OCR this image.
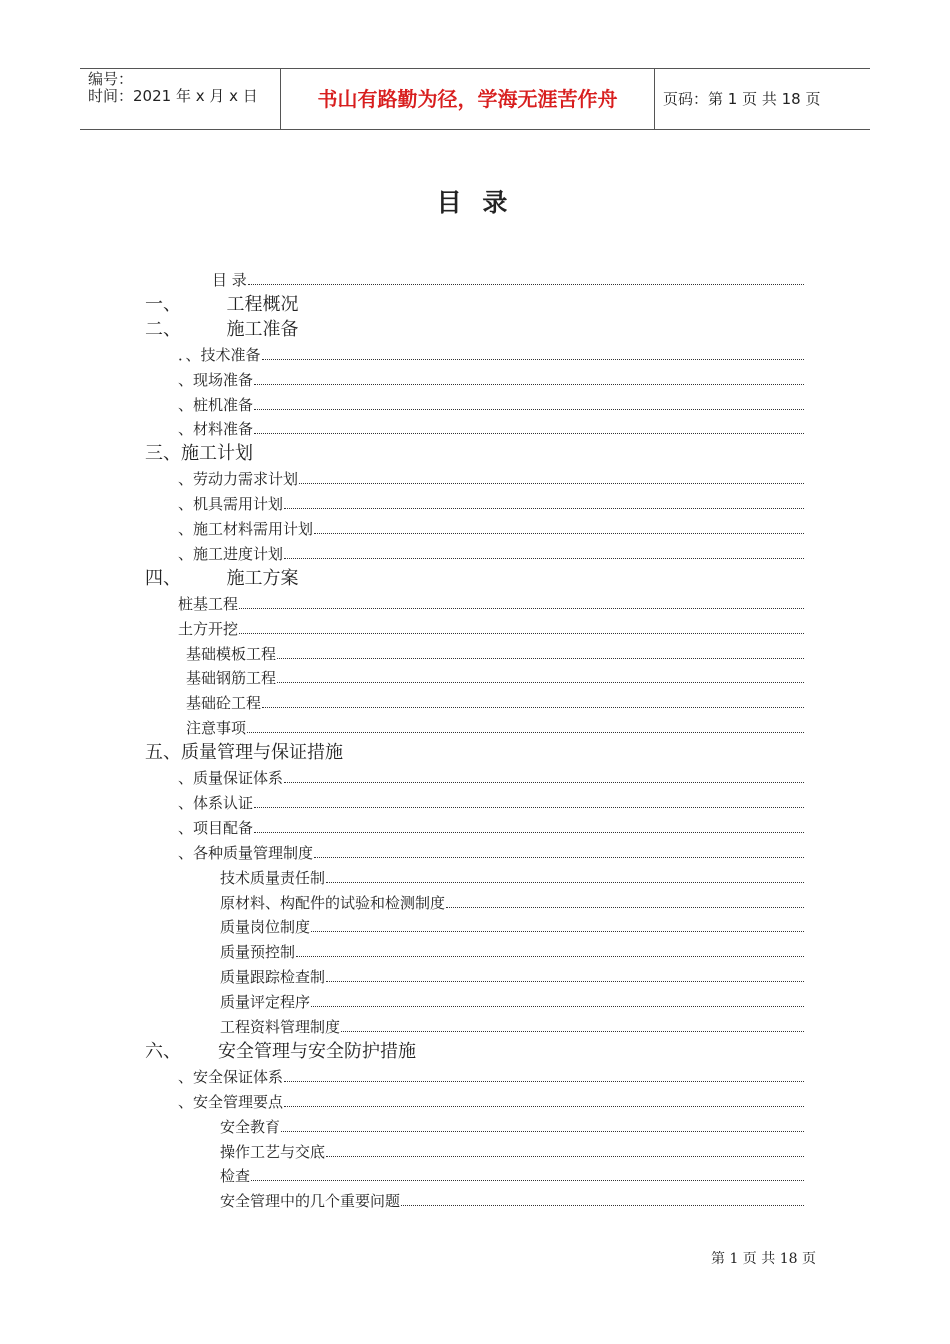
编号：
时间：2021 年 x 月 x 日	书山有路勤为径，学海无涯苦作舟	页码：第 1 页 共 18 页
目 录
目 录
一、	工程概况
二、	施工准备
．、技术准备
、现场准备
、桩机准备
、材料准备
三、 施工计划
、劳动力需求计划
、机具需用计划
、施工材料需用计划
、施工进度计划
四、	施工方案
桩基工程
土方开挖
基础模板工程
基础钢筋工程
基础砼工程
注意事项
五、 质量管理与保证措施
、质量保证体系
、体系认证
、项目配备
、各种质量管理制度
技术质量责任制
原材料、构配件的试验和检测制度
质量岗位制度
质量预控制
质量跟踪检查制
质量评定程序
工程资料管理制度
六、	安全管理与安全防护措施
、安全保证体系
、安全管理要点
安全教育
操作工艺与交底
检查
安全管理中的几个重要问题
第 1 页 共 18 页
